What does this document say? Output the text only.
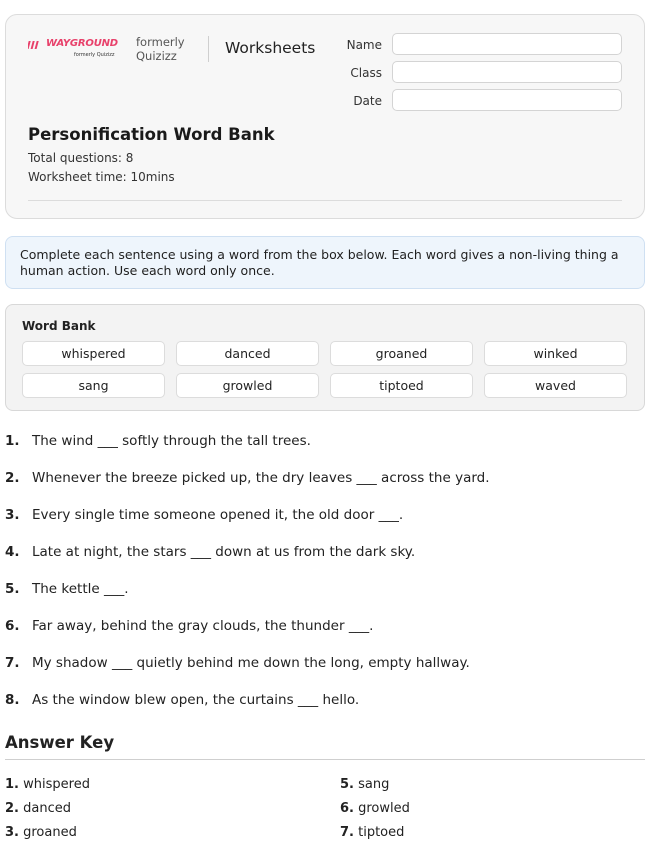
WAYGROUND
formerly Quizizz
formerly Quizizz	Worksheets	Name
Class
Date
Personification Word Bank
Total questions: 8
Worksheet time: 10mins
Complete each sentence using a word from the box below. Each word gives a non-living thing a human action. Use each word only once.
Word Bank
whispered	danced	groaned	winked
sang	growled	tiptoed	waved
1. The wind ___ softly through the tall trees.
2. Whenever the breeze picked up, the dry leaves ___ across the yard.
3. Every single time someone opened it, the old door ___.
4. Late at night, the stars ___ down at us from the dark sky.
5. The kettle ___.
6. Far away, behind the gray clouds, the thunder ___.
7. My shadow ___ quietly behind me down the long, empty hallway.
8. As the window blew open, the curtains ___ hello.
Answer Key
1. whispered
2. danced
3. groaned
5. sang
6. growled
7. tiptoed
